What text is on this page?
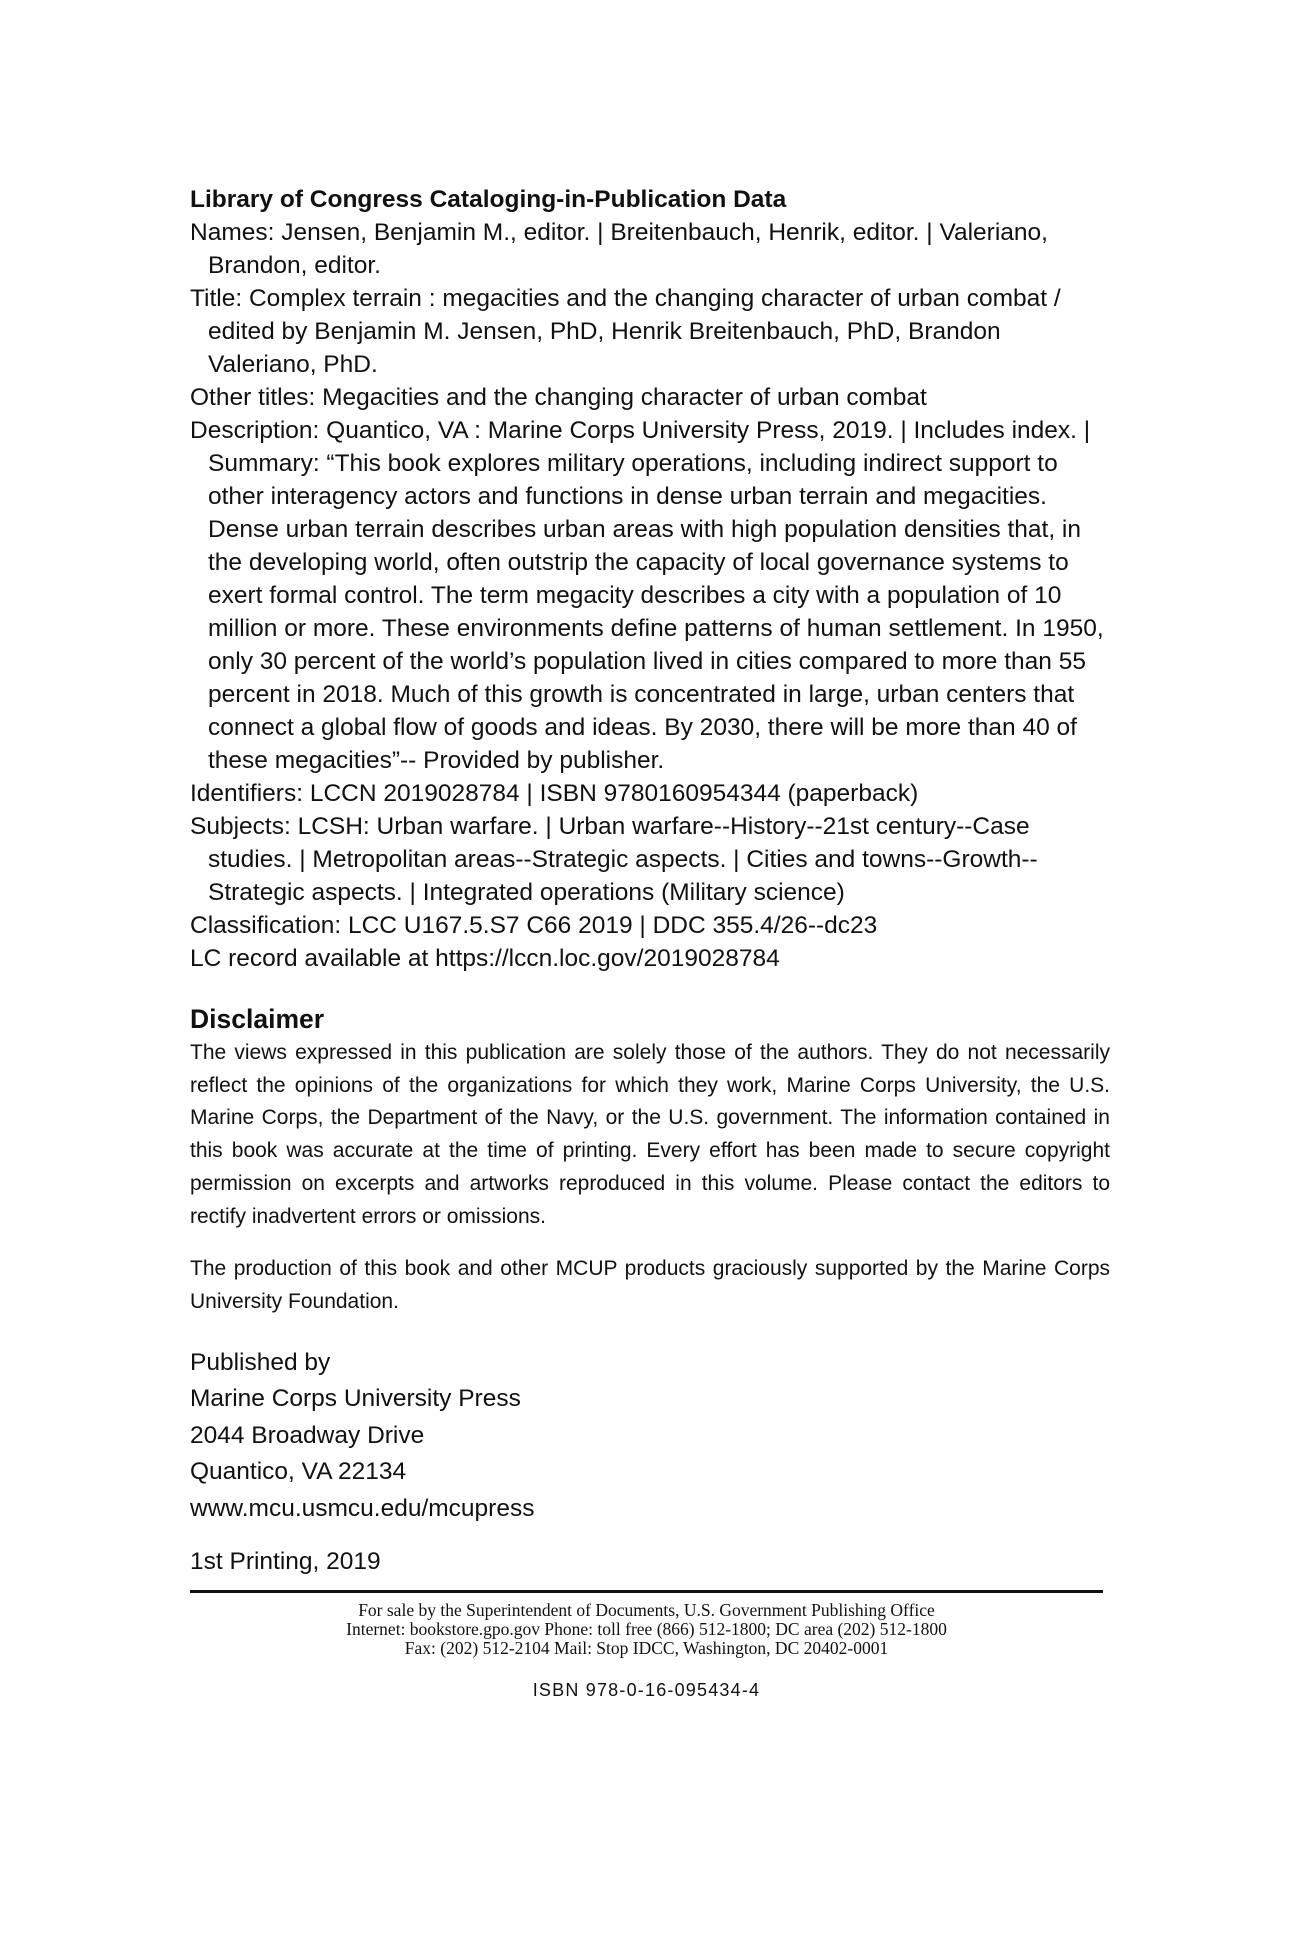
Library of Congress Cataloging-in-Publication Data

Names: Jensen, Benjamin M., editor. | Breitenbauch, Henrik, editor. | Valeriano, Brandon, editor.

Title: Complex terrain : megacities and the changing character of urban combat / edited by Benjamin M. Jensen, PhD, Henrik Breitenbauch, PhD, Brandon Valeriano, PhD.

Other titles: Megacities and the changing character of urban combat

Description: Quantico, VA : Marine Corps University Press, 2019. | Includes index. | Summary: “This book explores military operations, including indirect support to other interagency actors and functions in dense urban terrain and megacities. Dense urban terrain describes urban areas with high population densities that, in the developing world, often outstrip the capacity of local governance systems to exert formal control. The term megacity describes a city with a population of 10 million or more. These environments define patterns of human settlement. In 1950, only 30 percent of the world’s population lived in cities compared to more than 55 percent in 2018. Much of this growth is concentrated in large, urban centers that connect a global flow of goods and ideas. By 2030, there will be more than 40 of these megacities”-- Provided by publisher.

Identifiers: LCCN 2019028784 | ISBN 9780160954344 (paperback)

Subjects: LCSH: Urban warfare. | Urban warfare--History--21st century--Case studies. | Metropolitan areas--Strategic aspects. | Cities and towns--Growth--Strategic aspects. | Integrated operations (Military science)

Classification: LCC U167.5.S7 C66 2019 | DDC 355.4/26--dc23

LC record available at https://lccn.loc.gov/2019028784

Disclaimer

The views expressed in this publication are solely those of the authors. They do not necessarily reflect the opinions of the organizations for which they work, Marine Corps University, the U.S. Marine Corps, the Department of the Navy, or the U.S. government. The information contained in this book was accurate at the time of printing. Every effort has been made to secure copyright permission on excerpts and artworks reproduced in this volume. Please contact the editors to rectify inadvertent errors or omissions.

The production of this book and other MCUP products graciously supported by the Marine Corps University Foundation.

Published by

Marine Corps University Press

2044 Broadway Drive

Quantico, VA 22134

www.mcu.usmcu.edu/mcupress

1st Printing, 2019

For sale by the Superintendent of Documents, U.S. Government Publishing Office

Internet: bookstore.gpo.gov Phone: toll free (866) 512-1800; DC area (202) 512-1800

Fax: (202) 512-2104 Mail: Stop IDCC, Washington, DC 20402-0001

ISBN 978-0-16-095434-4
